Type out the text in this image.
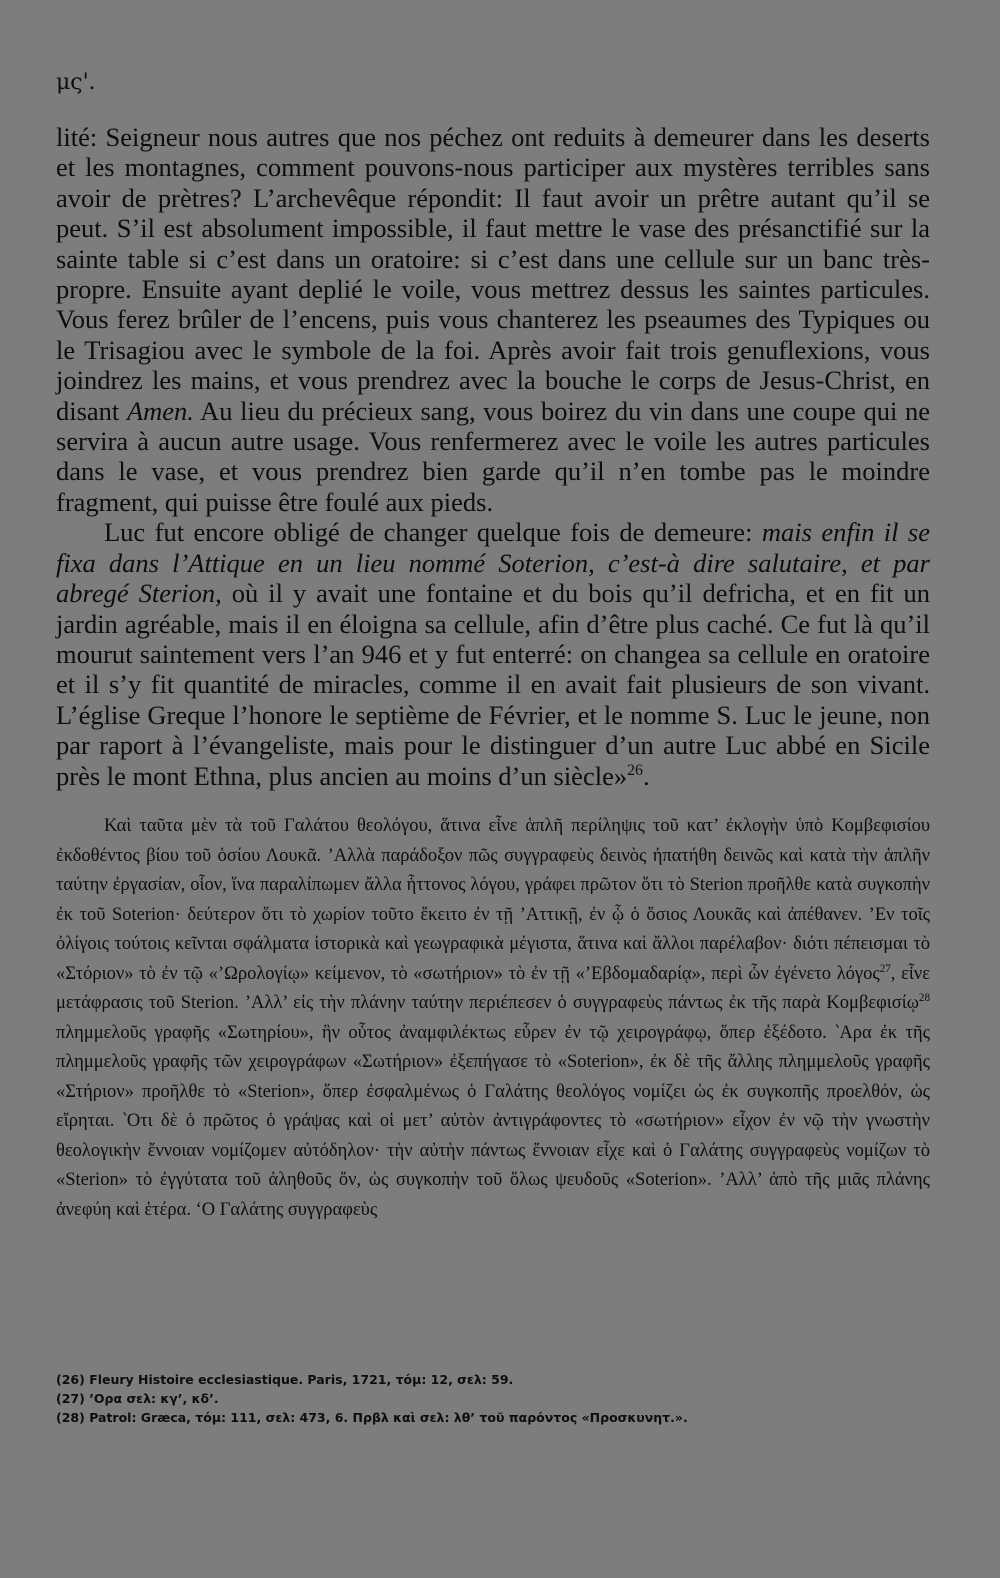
μς'.

lité: Seigneur nous autres que nos péchez ont reduits à demeurer dans les deserts et les montagnes, comment pouvons-nous participer aux mystères terribles sans avoir de prètres? L’archevêque répondit: Il faut avoir un prêtre autant qu’il se peut. S’il est absolument impossible, il faut mettre le vase des présanctifié sur la sainte table si c’est dans un oratoire: si c’est dans une cellule sur un banc très-propre. Ensuite ayant deplié le voile, vous mettrez dessus les saintes particules. Vous ferez brûler de l’encens, puis vous chanterez les pseaumes des Typiques ou le Trisagiou avec le symbole de la foi. Après avoir fait trois genuflexions, vous joindrez les mains, et vous prendrez avec la bouche le corps de Jesus-Christ, en disant Amen. Au lieu du précieux sang, vous boirez du vin dans une coupe qui ne servira à aucun autre usage. Vous renfermerez avec le voile les autres particules dans le vase, et vous prendrez bien garde qu’il n’en tombe pas le moindre fragment, qui puisse être foulé aux pieds.

Luc fut encore obligé de changer quelque fois de demeure: mais enfin il se fixa dans l’Attique en un lieu nommé Soterion, c’est-à dire salutaire, et par abregé Sterion, où il y avait une fontaine et du bois qu’il defricha, et en fit un jardin agréable, mais il en éloigna sa cellule, afin d’être plus caché. Ce fut là qu’il mourut saintement vers l’an 946 et y fut enterré: on changea sa cellule en oratoire et il s’y fit quantité de miracles, comme il en avait fait plusieurs de son vivant. L’église Greque l’honore le septième de Février, et le nomme S. Luc le jeune, non par raport à l’évangeliste, mais pour le distinguer d’un autre Luc abbé en Sicile près le mont Ethna, plus ancien au moins d’un siècle»$^{26}$.

Καὶ ταῦτα μὲν τὰ τοῦ Γαλάτου θεολόγου, ἅτινα εἶνε ἁπλῆ περίληψις τοῦ κατ’ ἐκλογὴν ὑπὸ Κομβεφισίου ἐκδοθέντος βίου τοῦ ὁσίου Λουκᾶ. ’Αλλὰ παράδοξον πῶς συγγραφεὺς δεινὸς ἠπατήθη δεινῶς καὶ κατὰ τὴν ἁπλῆν ταύτην ἐργασίαν, οἷον, ἵνα παραλίπωμεν ἄλλα ἧττονος λόγου, γράφει πρῶτον ὅτι τὸ Sterion προῆλθε κατὰ συγκοπὴν ἐκ τοῦ Soterion· δεύτερον ὅτι τὸ χωρίον τοῦτο ἔκειτο ἐν τῇ ’Αττικῇ, ἐν ᾧ ὁ ὅσιος Λουκᾶς καὶ ἀπέθανεν. ’Εν τοῖς ὀλίγοις τούτοις κεῖνται σφάλματα ἱστορικὰ καὶ γεωγραφικὰ μέγιστα, ἅτινα καὶ ἄλλοι παρέλαβον· διότι πέπεισμαι τὸ «Στόριον» τὸ ἐν τῷ «’Ωρολογίῳ» κείμενον, τὸ «σωτήριον» τὸ ἐν τῇ «’Εβδομαδαρίᾳ», περὶ ὧν ἐγένετο λόγος$^{27}$, εἶνε μετάφρασις τοῦ Sterion. ’Αλλ’ εἰς τὴν πλάνην ταύτην περιέπεσεν ὁ συγγραφεὺς πάντως ἐκ τῆς παρὰ Κομβεφισίῳ$^{28}$ πλημμελοῦς γραφῆς «Σωτηρίου», ἣν οὗτος ἀναμφιλέκτως εὗρεν ἐν τῷ χειρογράφῳ, ὅπερ ἐξέδοτο. ‵Αρα ἐκ τῆς πλημμελοῦς γραφῆς τῶν χειρογράφων «Σωτήριον» ἐξεπήγασε τὸ «Soterion», ἐκ δὲ τῆς ἄλλης πλημμελοῦς γραφῆς «Στήριον» προῆλθε τὸ «Sterion», ὅπερ ἐσφαλμένως ὁ Γαλάτης θεολόγος νομίζει ὡς ἐκ συγκοπῆς προελθόν, ὡς εἴρηται. ‵Οτι δὲ ὁ πρῶτος ὁ γράψας καὶ οἱ μετ’ αὐτὸν ἀντιγράφοντες τὸ «σωτήριον» εἶχον ἐν νῷ τὴν γνωστὴν θεολογικὴν ἔννοιαν νομίζομεν αὐτόδηλον· τὴν αὐτὴν πάντως ἔννοιαν εἶχε καὶ ὁ Γαλάτης συγγραφεὺς νομίζων τὸ «Sterion» τὸ ἐγγύτατα τοῦ ἀληθοῦς ὄν, ὡς συγκοπὴν τοῦ ὅλως ψευδοῦς «Soterion». ’Αλλ’ ἀπὸ τῆς μιᾶς πλάνης ἀνεφύη καὶ ἑτέρα. ‘Ο Γαλάτης συγγραφεὺς

(26) Fleury Histoire ecclesiastique. Paris, 1721, τόμ: 12, σελ: 59.

(27) ’Ορα σελ: κγ’, κδ’.

(28) Patrol: Græca, τόμ: 111, σελ: 473, 6. Πρβλ καὶ σελ: λθ’ τοῦ παρόντος «Προσκυνητ.».
